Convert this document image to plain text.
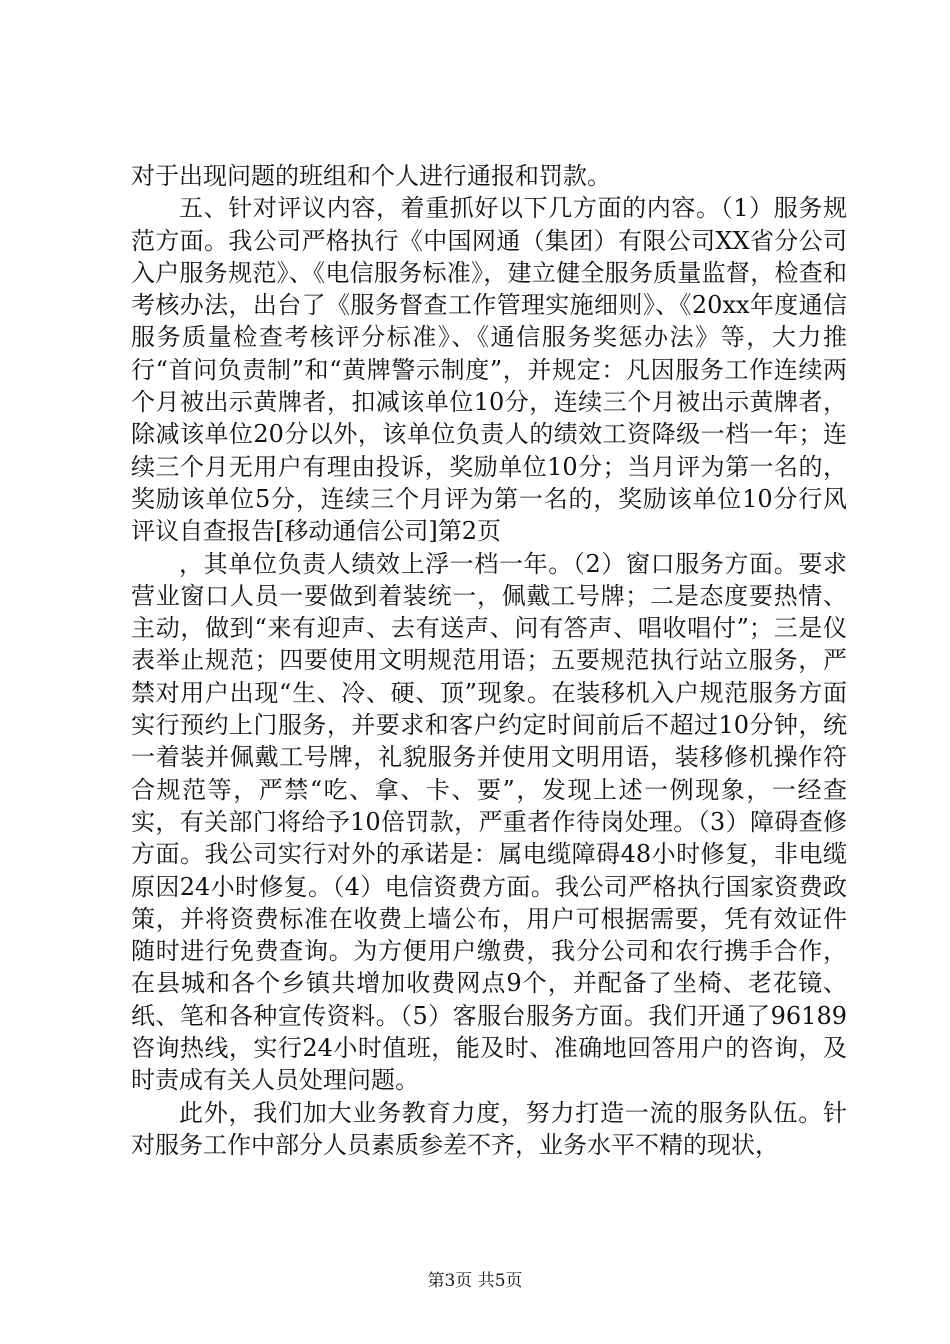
对于出现问题的班组和个人进行通报和罚款。

五、针对评议内容，着重抓好以下几方面的内容。（1）服务规范方面。我公司严格执行《中国网通（集团）有限公司XX省分公司入户服务规范》、《电信服务标准》，建立健全服务质量监督，检查和考核办法，出台了《服务督查工作管理实施细则》、《20xx年度通信服务质量检查考核评分标准》、《通信服务奖惩办法》等，大力推行“首问负责制”和“黄牌警示制度”，并规定：凡因服务工作连续两个月被出示黄牌者，扣减该单位10分，连续三个月被出示黄牌者，除减该单位20分以外，该单位负责人的绩效工资降级一档一年；连续三个月无用户有理由投诉，奖励单位10分；当月评为第一名的，奖励该单位5分，连续三个月评为第一名的，奖励该单位10分行风评议自查报告[移动通信公司]第2页

，其单位负责人绩效上浮一档一年。（2）窗口服务方面。要求营业窗口人员一要做到着装统一，佩戴工号牌；二是态度要热情、主动，做到“来有迎声、去有送声、问有答声、唱收唱付”；三是仪表举止规范；四要使用文明规范用语；五要规范执行站立服务，严禁对用户出现“生、冷、硬、顶”现象。在装移机入户规范服务方面实行预约上门服务，并要求和客户约定时间前后不超过10分钟，统一着装并佩戴工号牌，礼貌服务并使用文明用语，装移修机操作符合规范等，严禁“吃、拿、卡、要”，发现上述一例现象，一经查实，有关部门将给予10倍罚款，严重者作待岗处理。（3）障碍查修方面。我公司实行对外的承诺是：属电缆障碍48小时修复，非电缆原因24小时修复。（4）电信资费方面。我公司严格执行国家资费政策，并将资费标准在收费上墙公布，用户可根据需要，凭有效证件随时进行免费查询。为方便用户缴费，我分公司和农行携手合作，在县城和各个乡镇共增加收费网点9个，并配备了坐椅、老花镜、纸、笔和各种宣传资料。（5）客服台服务方面。我们开通了96189咨询热线，实行24小时值班，能及时、准确地回答用户的咨询，及时责成有关人员处理问题。

此外，我们加大业务教育力度，努力打造一流的服务队伍。针对服务工作中部分人员素质参差不齐，业务水平不精的现状，

第3页 共5页
